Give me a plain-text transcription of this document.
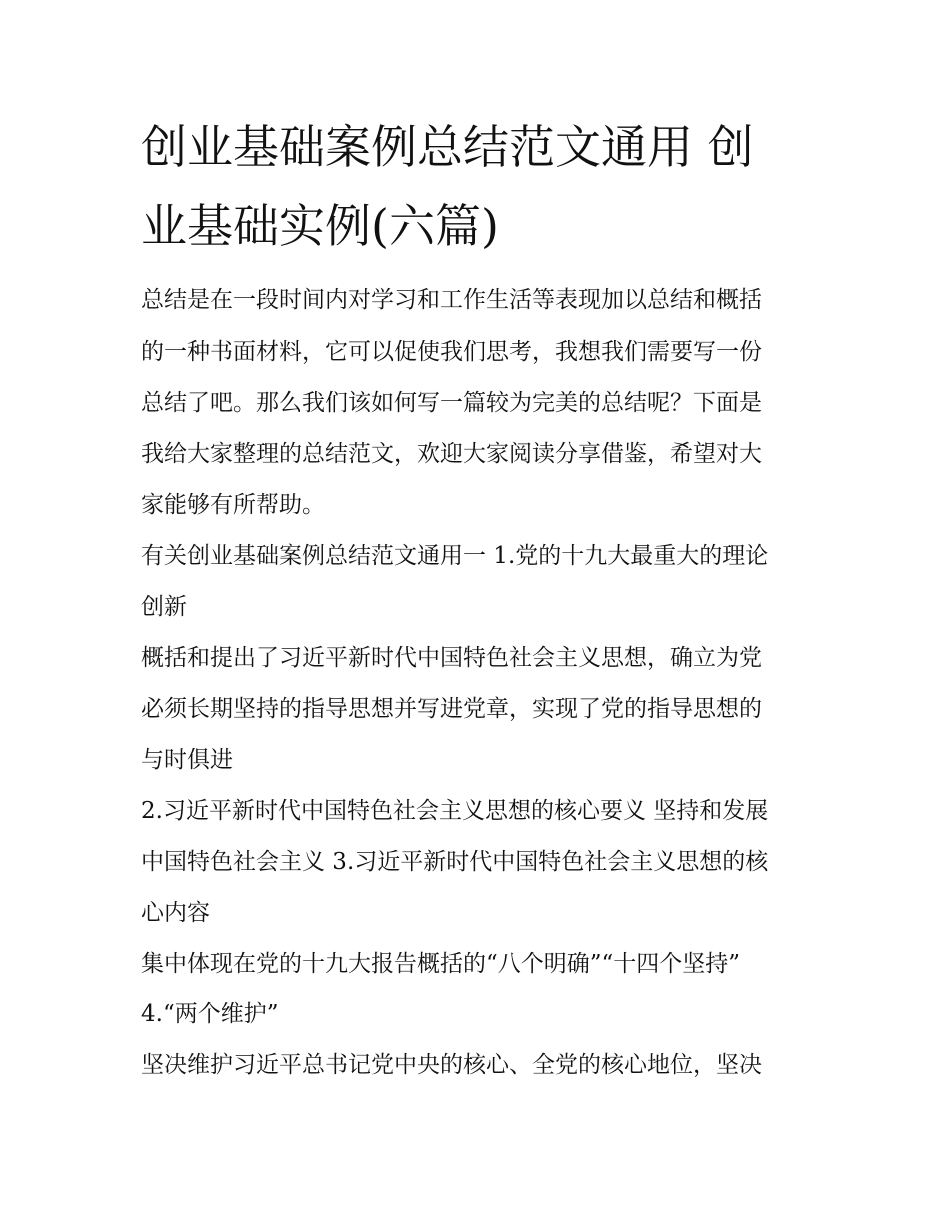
创业基础案例总结范文通用 创
业基础实例(六篇)
总结是在一段时间内对学习和工作生活等表现加以总结和概括
的一种书面材料，它可以促使我们思考，我想我们需要写一份
总结了吧。那么我们该如何写一篇较为完美的总结呢？下面是
我给大家整理的总结范文，欢迎大家阅读分享借鉴，希望对大
家能够有所帮助。
有关创业基础案例总结范文通用一 1.党的十九大最重大的理论
创新
概括和提出了习近平新时代中国特色社会主义思想，确立为党
必须长期坚持的指导思想并写进党章，实现了党的指导思想的
与时俱进
2.习近平新时代中国特色社会主义思想的核心要义 坚持和发展
中国特色社会主义 3.习近平新时代中国特色社会主义思想的核
心内容
集中体现在党的十九大报告概括的“八个明确”“十四个坚持”
4.“两个维护”
坚决维护习近平总书记党中央的核心、全党的核心地位，坚决
